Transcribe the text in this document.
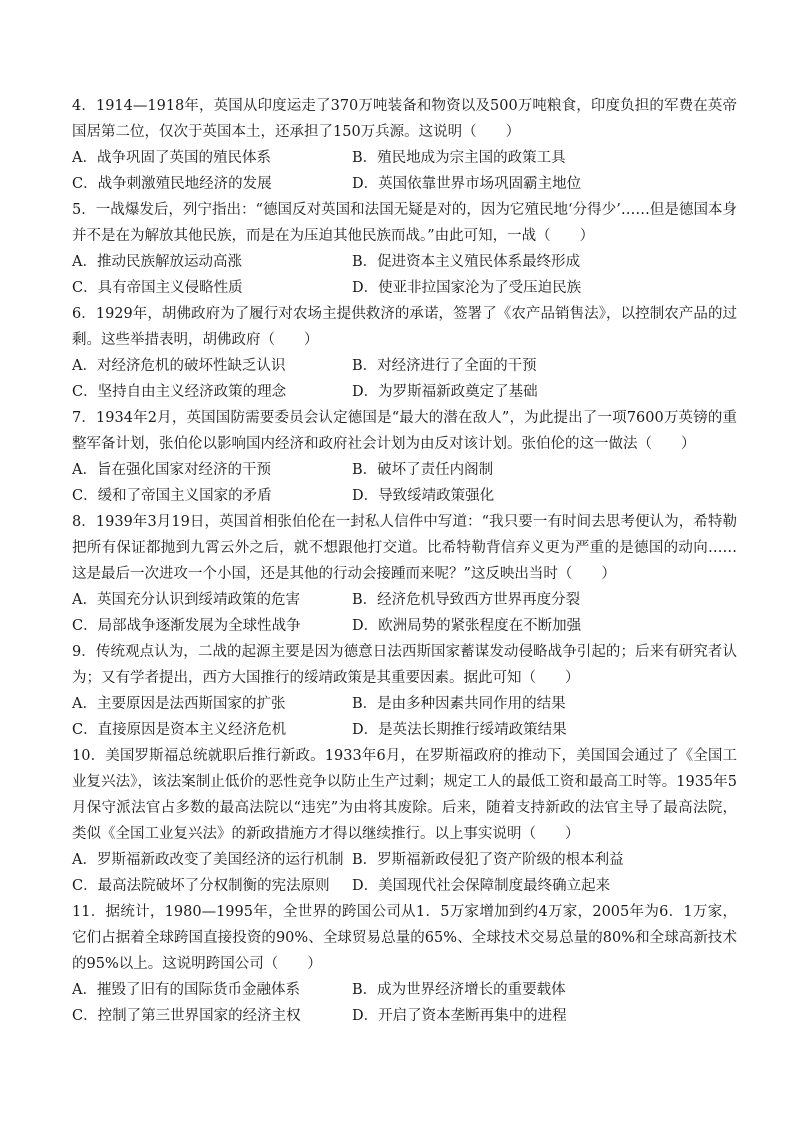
4．1914—1918年，英国从印度运走了370万吨装备和物资以及500万吨粮食，印度负担的军费在英帝国居第二位，仅次于英国本土，还承担了150万兵源。这说明（　　）
A．战争巩固了英国的殖民体系	B．殖民地成为宗主国的政策工具
C．战争刺激殖民地经济的发展	D．英国依靠世界市场巩固霸主地位
5．一战爆发后，列宁指出：“德国反对英国和法国无疑是对的，因为它殖民地‘分得少’……但是德国本身并不是在为解放其他民族，而是在为压迫其他民族而战。”由此可知，一战（　　）
A．推动民族解放运动高涨	B．促进资本主义殖民体系最终形成
C．具有帝国主义侵略性质	D．使亚非拉国家沦为了受压迫民族
6．1929年，胡佛政府为了履行对农场主提供救济的承诺，签署了《农产品销售法》，以控制农产品的过剩。这些举措表明，胡佛政府（　　）
A．对经济危机的破坏性缺乏认识	B．对经济进行了全面的干预
C．坚持自由主义经济政策的理念	D．为罗斯福新政奠定了基础
7．1934年2月，英国国防需要委员会认定德国是“最大的潜在敌人”，为此提出了一项7600万英镑的重整军备计划，张伯伦以影响国内经济和政府社会计划为由反对该计划。张伯伦的这一做法（　　）
A．旨在强化国家对经济的干预	B．破坏了责任内阁制
C．缓和了帝国主义国家的矛盾	D．导致绥靖政策强化
8．1939年3月19日，英国首相张伯伦在一封私人信件中写道：“我只要一有时间去思考便认为，希特勒把所有保证都抛到九霄云外之后，就不想跟他打交道。比希特勒背信弃义更为严重的是德国的动向……这是最后一次进攻一个小国，还是其他的行动会接踵而来呢？”这反映出当时（　　）
A．英国充分认识到绥靖政策的危害	B．经济危机导致西方世界再度分裂
C．局部战争逐渐发展为全球性战争	D．欧洲局势的紧张程度在不断加强
9．传统观点认为，二战的起源主要是因为德意日法西斯国家蓄谋发动侵略战争引起的；后来有研究者认为；又有学者提出，西方大国推行的绥靖政策是其重要因素。据此可知（　　）
A．主要原因是法西斯国家的扩张	B．是由多种因素共同作用的结果
C．直接原因是资本主义经济危机	D．是英法长期推行绥靖政策结果
10．美国罗斯福总统就职后推行新政。1933年6月，在罗斯福政府的推动下，美国国会通过了《全国工业复兴法》，该法案制止低价的恶性竞争以防止生产过剩；规定工人的最低工资和最高工时等。1935年5月保守派法官占多数的最高法院以“违宪”为由将其废除。后来，随着支持新政的法官主导了最高法院，类似《全国工业复兴法》的新政措施方才得以继续推行。以上事实说明（　　）
A．罗斯福新政改变了美国经济的运行机制 B．罗斯福新政侵犯了资产阶级的根本利益
C．最高法院破坏了分权制衡的宪法原则	D．美国现代社会保障制度最终确立起来
11．据统计，1980—1995年，全世界的跨国公司从1．5万家增加到约4万家，2005年为6．1万家，它们占据着全球跨国直接投资的90%、全球贸易总量的65%、全球技术交易总量的80%和全球高新技术的95%以上。这说明跨国公司（　　）
A．摧毁了旧有的国际货币金融体系	B．成为世界经济增长的重要载体
C．控制了第三世界国家的经济主权	D．开启了资本垄断再集中的进程
